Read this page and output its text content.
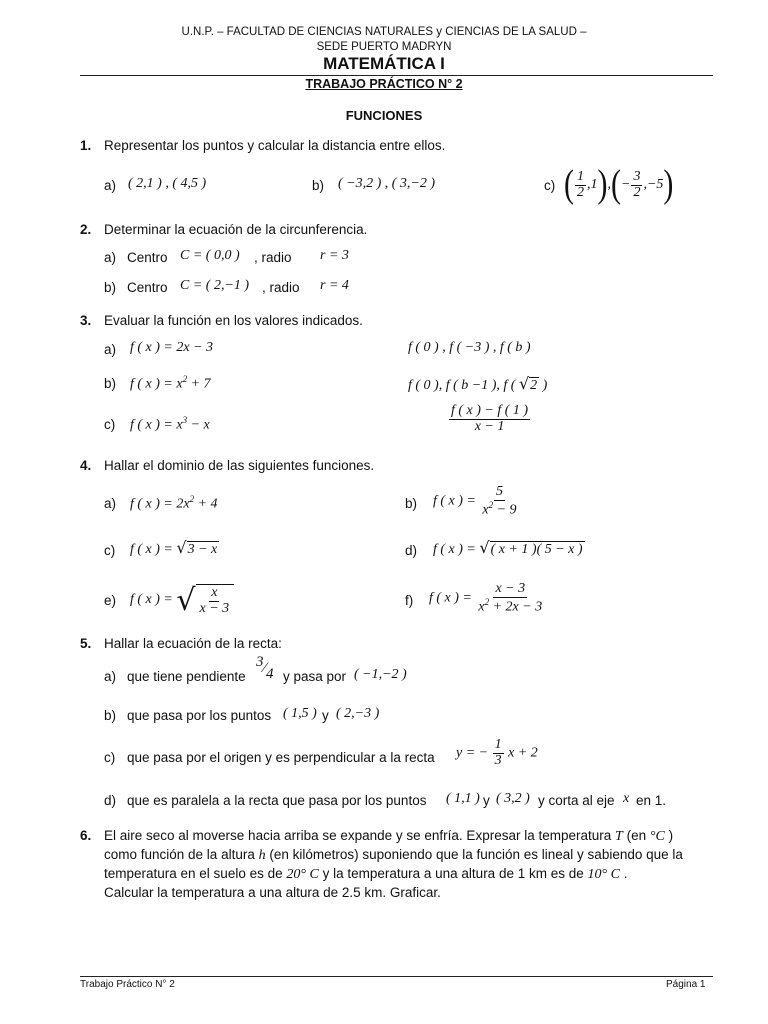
U.N.P. – FACULTAD DE CIENCIAS NATURALES y CIENCIAS DE LA SALUD –
SEDE PUERTO MADRYN
MATEMÁTICA I
TRABAJO PRÁCTICO N° 2
FUNCIONES
1. Representar los puntos y calcular la distancia entre ellos.
a) ( 2,1 ) , ( 4,5 )	b) ( −3,2 ) , ( 3,−2 )	c) ( $\frac{1}{2} ,1$ ) , ( − $\frac{3}{2} ,-5$ )
2. Determinar la ecuación de la circunferencia.
a) Centro C = ( 0,0 ) , radio r = 3
b) Centro C = ( 2,−1 ) , radio r = 4
3. Evaluar la función en los valores indicados.
a) f ( x ) = 2x − 3	f ( 0 ) , f ( −3 ) , f ( b )
b) f ( x ) = $x^2 + 7$	f ( 0 ), f ( b −1 ), f ( √2 )
c) f ( x ) = $x^3 - x$	$\frac{f ( x ) - f ( 1 )}{x - 1}$
4. Hallar el dominio de las siguientes funciones.
a) f ( x ) = $2x^2 + 4$	b) f ( x ) = $\frac{5}{x^2 - 9}$
c) f ( x ) = √3 − x	d) f ( x ) = √( x + 1 )( 5 − x )
e) f ( x ) = √ $\frac{x}{x - 3}$	f) f ( x ) = $\frac{x - 3}{x^2 + 2x - 3}$
5. Hallar la ecuación de la recta:
a) que tiene pendiente
3⁄4 y pasa por ( −1,−2 )
b) que pasa por los puntos ( 1,5 ) y ( 2,−3 )
c) que pasa por el origen y es perpendicular a la recta y = − $\frac{1}{3}$ x + 2
d) que es paralela a la recta que pasa por los puntos ( 1,1 ) y ( 3,2 ) y corta al eje x en 1.
6. El aire seco al moverse hacia arriba se expande y se enfría. Expresar la temperatura T (en °C )
como función de la altura h (en kilómetros) suponiendo que la función es lineal y sabiendo que la
temperatura en el suelo es de 20° C y la temperatura a una altura de 1 km es de 10° C .
Calcular la temperatura a una altura de 2.5 km. Graficar.
Trabajo Práctico N° 2	Página 1
